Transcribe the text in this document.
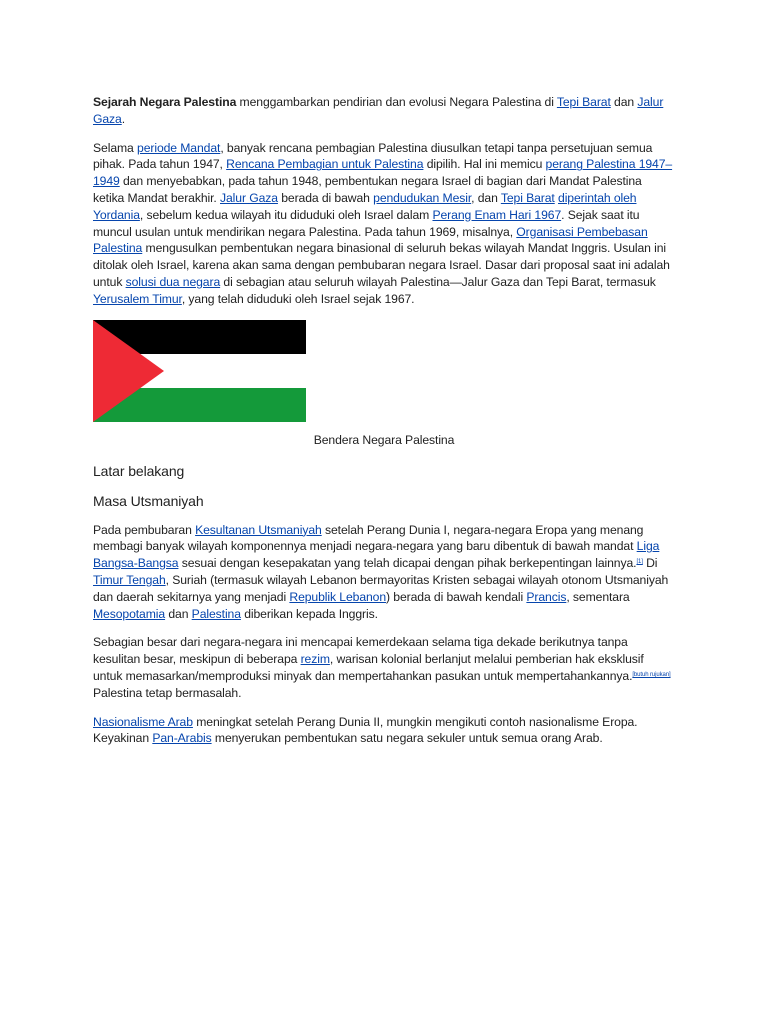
Sejarah Negara Palestina menggambarkan pendirian dan evolusi Negara Palestina di Tepi Barat dan Jalur Gaza.

Selama periode Mandat, banyak rencana pembagian Palestina diusulkan tetapi tanpa persetujuan semua pihak. Pada tahun 1947, Rencana Pembagian untuk Palestina dipilih. Hal ini memicu perang Palestina 1947–1949 dan menyebabkan, pada tahun 1948, pembentukan negara Israel di bagian dari Mandat Palestina ketika Mandat berakhir. Jalur Gaza berada di bawah pendudukan Mesir, dan Tepi Barat diperintah oleh Yordania, sebelum kedua wilayah itu diduduki oleh Israel dalam Perang Enam Hari 1967. Sejak saat itu muncul usulan untuk mendirikan negara Palestina. Pada tahun 1969, misalnya, Organisasi Pembebasan Palestina mengusulkan pembentukan negara binasional di seluruh bekas wilayah Mandat Inggris. Usulan ini ditolak oleh Israel, karena akan sama dengan pembubaran negara Israel. Dasar dari proposal saat ini adalah untuk solusi dua negara di sebagian atau seluruh wilayah Palestina—Jalur Gaza dan Tepi Barat, termasuk Yerusalem Timur, yang telah diduduki oleh Israel sejak 1967.

Bendera Negara Palestina
Latar belakang
Masa Utsmaniyah

Pada pembubaran Kesultanan Utsmaniyah setelah Perang Dunia I, negara-negara Eropa yang menang membagi banyak wilayah komponennya menjadi negara-negara yang baru dibentuk di bawah mandat Liga Bangsa-Bangsa sesuai dengan kesepakatan yang telah dicapai dengan pihak berkepentingan lainnya.[1] Di Timur Tengah, Suriah (termasuk wilayah Lebanon bermayoritas Kristen sebagai wilayah otonom Utsmaniyah dan daerah sekitarnya yang menjadi Republik Lebanon) berada di bawah kendali Prancis, sementara Mesopotamia dan Palestina diberikan kepada Inggris.

Sebagian besar dari negara-negara ini mencapai kemerdekaan selama tiga dekade berikutnya tanpa kesulitan besar, meskipun di beberapa rezim, warisan kolonial berlanjut melalui pemberian hak eksklusif untuk memasarkan/memproduksi minyak dan mempertahankan pasukan untuk mempertahankannya.[butuh rujukan] Palestina tetap bermasalah.

Nasionalisme Arab meningkat setelah Perang Dunia II, mungkin mengikuti contoh nasionalisme Eropa. Keyakinan Pan-Arabis menyerukan pembentukan satu negara sekuler untuk semua orang Arab.
